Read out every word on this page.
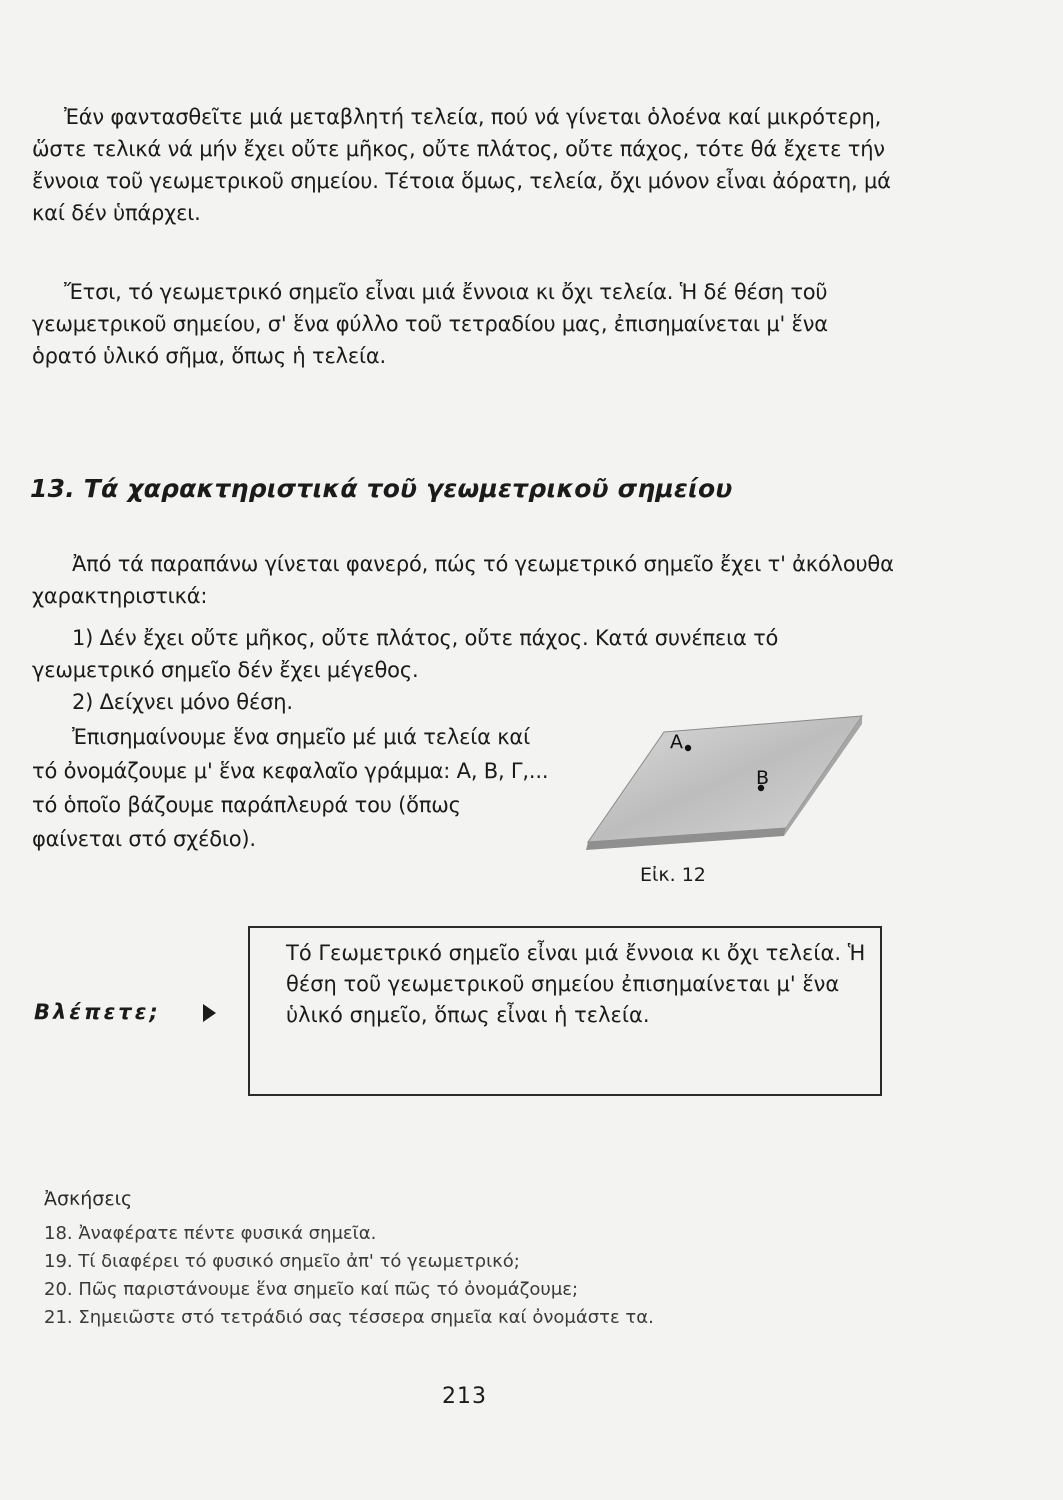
Ἐάν φαντασθεῖτε μιά μεταβλητή τελεία, πού νά γίνεται ὁλοένα καί μικρότερη, ὥστε τελικά νά μήν ἔχει οὔτε μῆκος, οὔτε πλάτος, οὔτε πάχος, τότε θά ἔχετε τήν ἔννοια τοῦ γεωμετρικοῦ σημείου. Τέτοια ὅμως, τελεία, ὄχι μόνον εἶναι ἀόρατη, μά καί δέν ὑπάρχει.

Ἔτσι, τό γεωμετρικό σημεῖο εἶναι μιά ἔννοια κι ὄχι τελεία. Ἡ δέ θέση τοῦ γεωμετρικοῦ σημείου, σ' ἕνα φύλλο τοῦ τετραδίου μας, ἐπισημαίνεται μ' ἕνα ὁρατό ὑλικό σῆμα, ὅπως ἡ τελεία.

13. Τά χαρακτηριστικά τοῦ γεωμετρικοῦ σημείου

Ἀπό τά παραπάνω γίνεται φανερό, πώς τό γεωμετρικό σημεῖο ἔχει τ' ἀκόλουθα χαρακτηριστικά:

1) Δέν ἔχει οὔτε μῆκος, οὔτε πλάτος, οὔτε πάχος. Κατά συνέπεια τό γεωμετρικό σημεῖο δέν ἔχει μέγεθος.

2) Δείχνει μόνο θέση.

Ἐπισημαίνουμε ἕνα σημεῖο μέ μιά τελεία καί τό ὀνομάζουμε μ' ἕνα κεφαλαῖο γράμμα: Α, Β, Γ,... τό ὁποῖο βάζουμε παράπλευρά του (ὅπως φαίνεται στό σχέδιο).

Α
Β

Εἰκ. 12

Βλέπετε;

Τό Γεωμετρικό σημεῖο εἶναι μιά ἔννοια κι ὄχι τελεία. Ἡ θέση τοῦ γεωμετρικοῦ σημείου ἐπισημαίνεται μ' ἕνα ὑλικό σημεῖο, ὅπως εἶναι ἡ τελεία.

Ἀσκήσεις

18. Ἀναφέρατε πέντε φυσικά σημεῖα.
19. Τί διαφέρει τό φυσικό σημεῖο ἀπ' τό γεωμετρικό;
20. Πῶς παριστάνουμε ἕνα σημεῖο καί πῶς τό ὀνομάζουμε;
21. Σημειῶστε στό τετράδιό σας τέσσερα σημεῖα καί ὀνομάστε τα.

213
